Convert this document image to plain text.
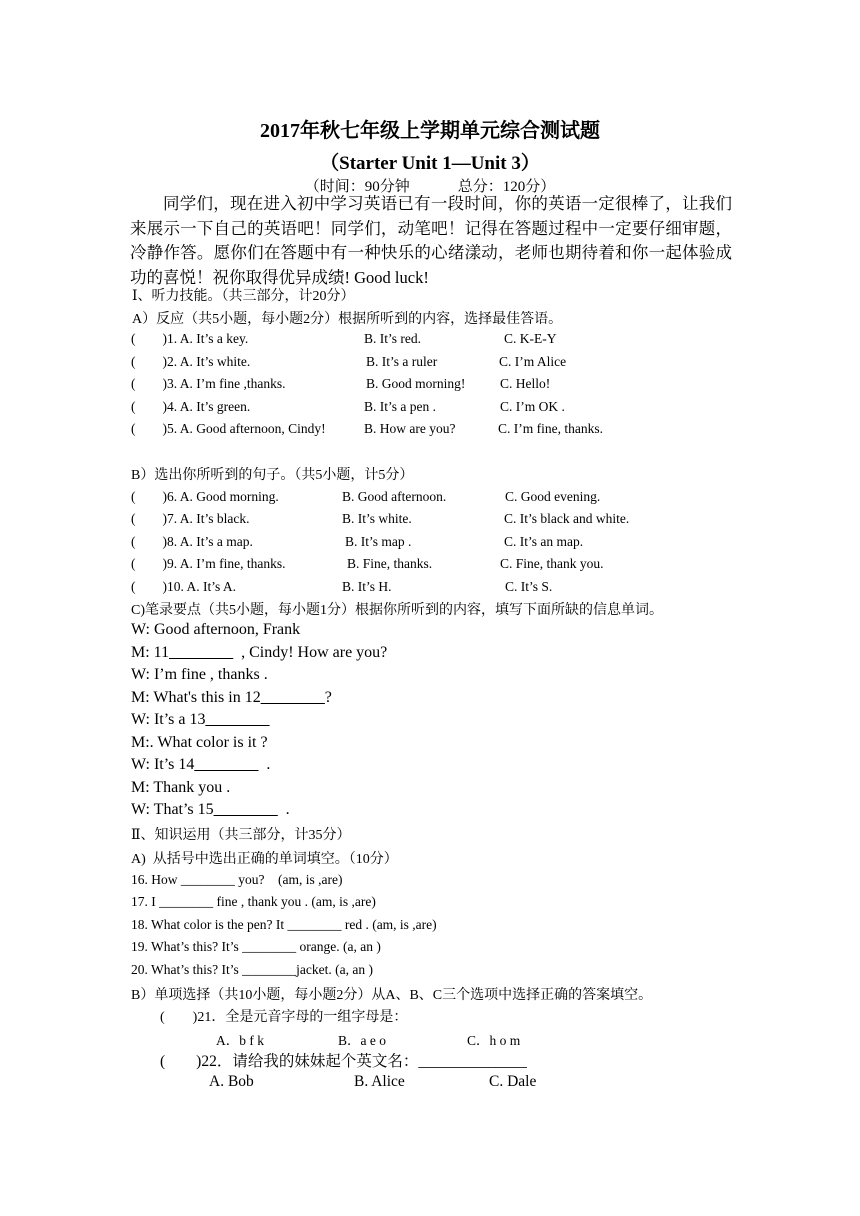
2017年秋七年级上学期单元综合测试题
（Starter Unit 1—Unit 3）
（时间：90分钟	总分：120分）
同学们，现在进入初中学习英语已有一段时间，你的英语一定很棒了，让我们来展示一下自己的英语吧！同学们，动笔吧！记得在答题过程中一定要仔细审题，冷静作答。愿你们在答题中有一种快乐的心绪漾动，老师也期待着和你一起体验成功的喜悦！祝你取得优异成绩! Good luck!
Ⅰ、听力技能。（共三部分，计20分）
A）反应（共5小题，每小题2分）根据所听到的内容，选择最佳答语。
(        )1. A. It’s a key.	B. It’s red.	C. K-E-Y
(        )2. A. It’s white.	B. It’s a ruler	C. I’m Alice
(        )3. A. I’m fine ,thanks.	B. Good morning!	C. Hello!
(        )4. A. It’s green.	B. It’s a pen .	C. I’m OK .
(        )5. A. Good afternoon, Cindy!	B. How are you?	C. I’m fine, thanks.
B）选出你所听到的句子。（共5小题，计5分）
(        )6. A. Good morning.	B. Good afternoon.	C. Good evening.
(        )7. A. It’s black.	B. It’s white.	C. It’s black and white.
(        )8. A. It’s a map.	B. It’s map .	C. It’s an map.
(        )9. A. I’m fine, thanks.	B. Fine, thanks.	C. Fine, thank you.
(        )10. A. It’s A.	B. It’s H.	C. It’s S.
C)笔录要点（共5小题，每小题1分）根据你所听到的内容，填写下面所缺的信息单词。
W: Good afternoon, Frank
M: 11________  , Cindy! How are you?
W: I’m fine , thanks .
M: What's this in 12________?
W: It’s a 13________
M:. What color is it ?
W: It’s 14________  .
M: Thank you .
W: That’s 15________  .
Ⅱ、知识运用（共三部分，计35分）
A)  从括号中选出正确的单词填空。（10分）
16. How ________ you?    (am, is ,are)
17. I ________ fine , thank you . (am, is ,are)
18. What color is the pen? It ________ red . (am, is ,are)
19. What’s this? It’s ________ orange. (a, an )
20. What’s this? It’s ________jacket. (a, an )
B）单项选择（共10小题，每小题2分）从A、B、C三个选项中选择正确的答案填空。
(        )21．全是元音字母的一组字母是：
A．b f k	B．a e o	C．h o m
(        )22．请给我的妹妹起个英文名：______________
A. Bob	B. Alice	C. Dale
